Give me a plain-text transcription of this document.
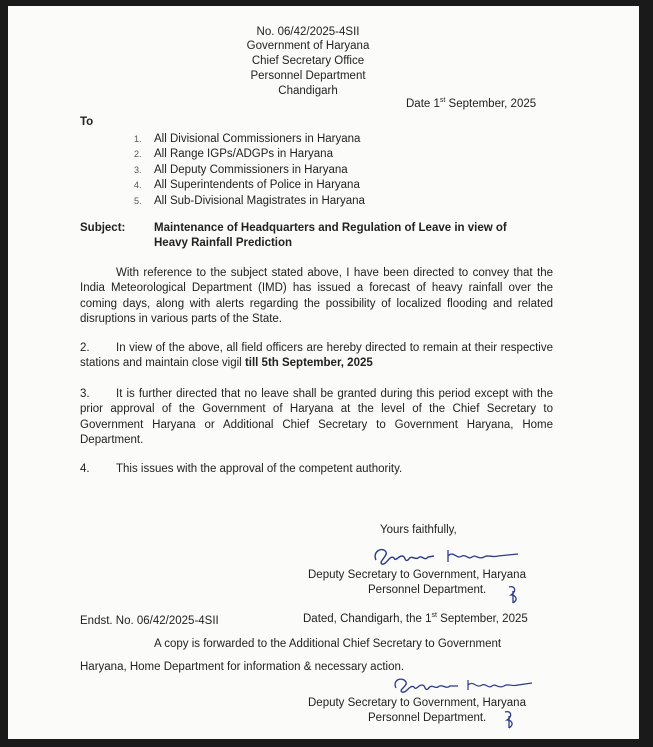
No. 06/42/2025-4SII
Government of Haryana
Chief Secretary Office
Personnel Department
Chandigarh
Date 1st September, 2025
To
1. All Divisional Commissioners in Haryana
2. All Range IGPs/ADGPs in Haryana
3. All Deputy Commissioners in Haryana
4. All Superintendents of Police in Haryana
5. All Sub-Divisional Magistrates in Haryana
Subject: Maintenance of Headquarters and Regulation of Leave in view of
Heavy Rainfall Prediction
With reference to the subject stated above, I have been directed to convey that the India Meteorological Department (IMD) has issued a forecast of heavy rainfall over the coming days, along with alerts regarding the possibility of localized flooding and related disruptions in various parts of the State.
2. In view of the above, all field officers are hereby directed to remain at their respective stations and maintain close vigil till 5th September, 2025
3. It is further directed that no leave shall be granted during this period except with the prior approval of the Government of Haryana at the level of the Chief Secretary to Government Haryana or Additional Chief Secretary to Government Haryana, Home Department.
4. This issues with the approval of the competent authority.
Yours faithfully,
Deputy Secretary to Government, Haryana
Personnel Department.
Endst. No. 06/42/2025-4SII	Dated, Chandigarh, the 1st September, 2025
A copy is forwarded to the Additional Chief Secretary to Government
Haryana, Home Department for information & necessary action.
Deputy Secretary to Government, Haryana
Personnel Department.
